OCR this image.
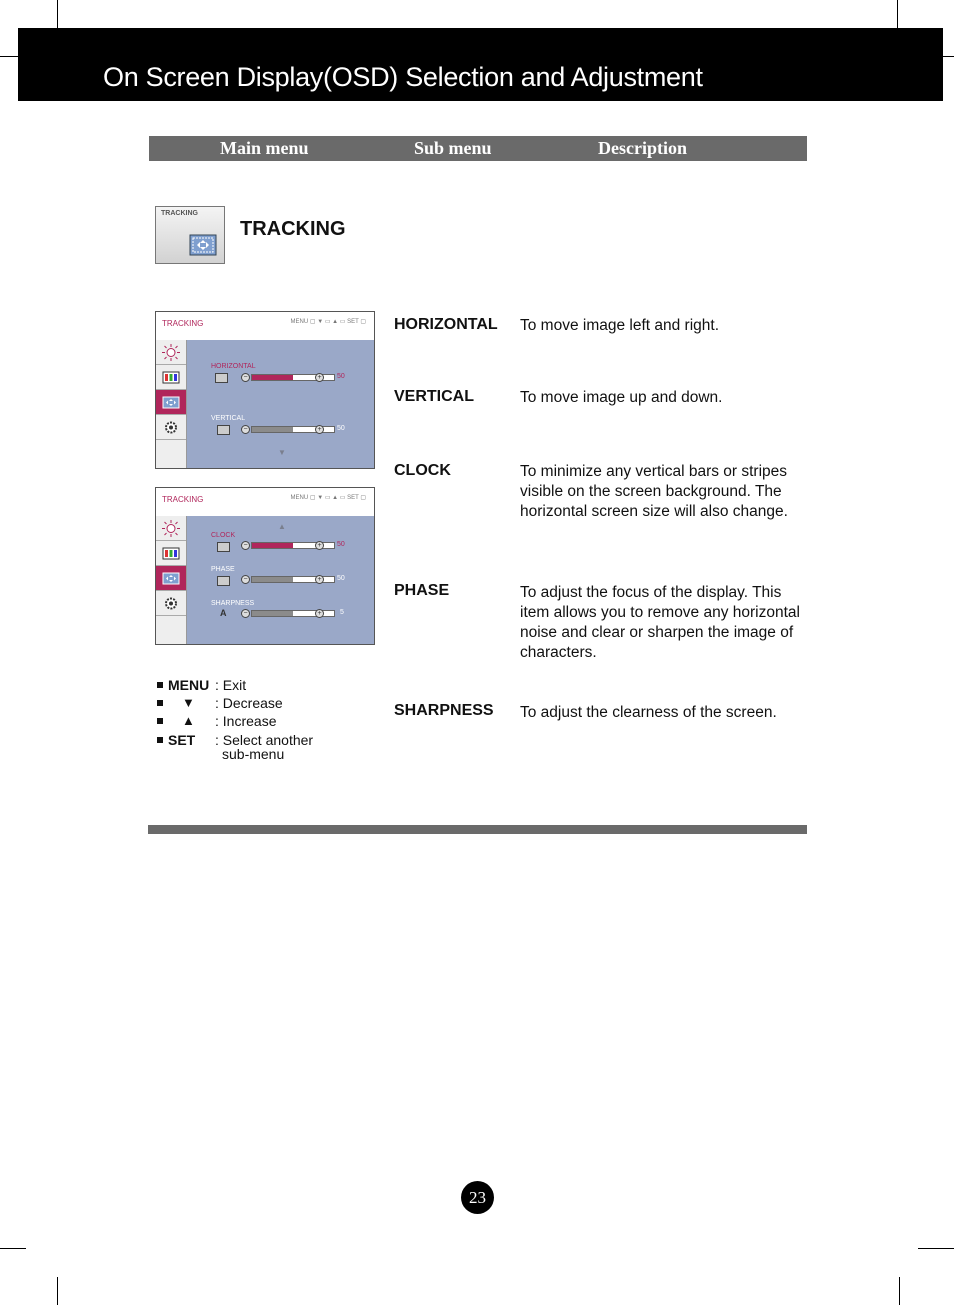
On Screen Display(OSD) Selection and Adjustment
Main menu	Sub menu	Description
TRACKING
TRACKING
TRACKING	MENU ▢ ▼ ▭ ▲ ▭ SET ▢
HORIZONTAL
−	+	50
VERTICAL
−	+	50
▼
TRACKING	MENU ▢ ▼ ▭ ▲ ▭ SET ▢
▲
CLOCK
−	+	50
PHASE
−	+	50
SHARPNESS
A	−	+	5
HORIZONTAL To move image left and right.
VERTICAL	To move image up and down.
CLOCK	To minimize any vertical bars or stripes visible on the screen background. The horizontal screen size will also change.
PHASE	To adjust the focus of the display. This item allows you to remove any horizontal noise and clear or sharpen the image of characters.
SHARPNESS To adjust the clearness of the screen.
MENU : Exit
▼ : Decrease
▲ : Increase
SET : Select another
sub-menu
23
